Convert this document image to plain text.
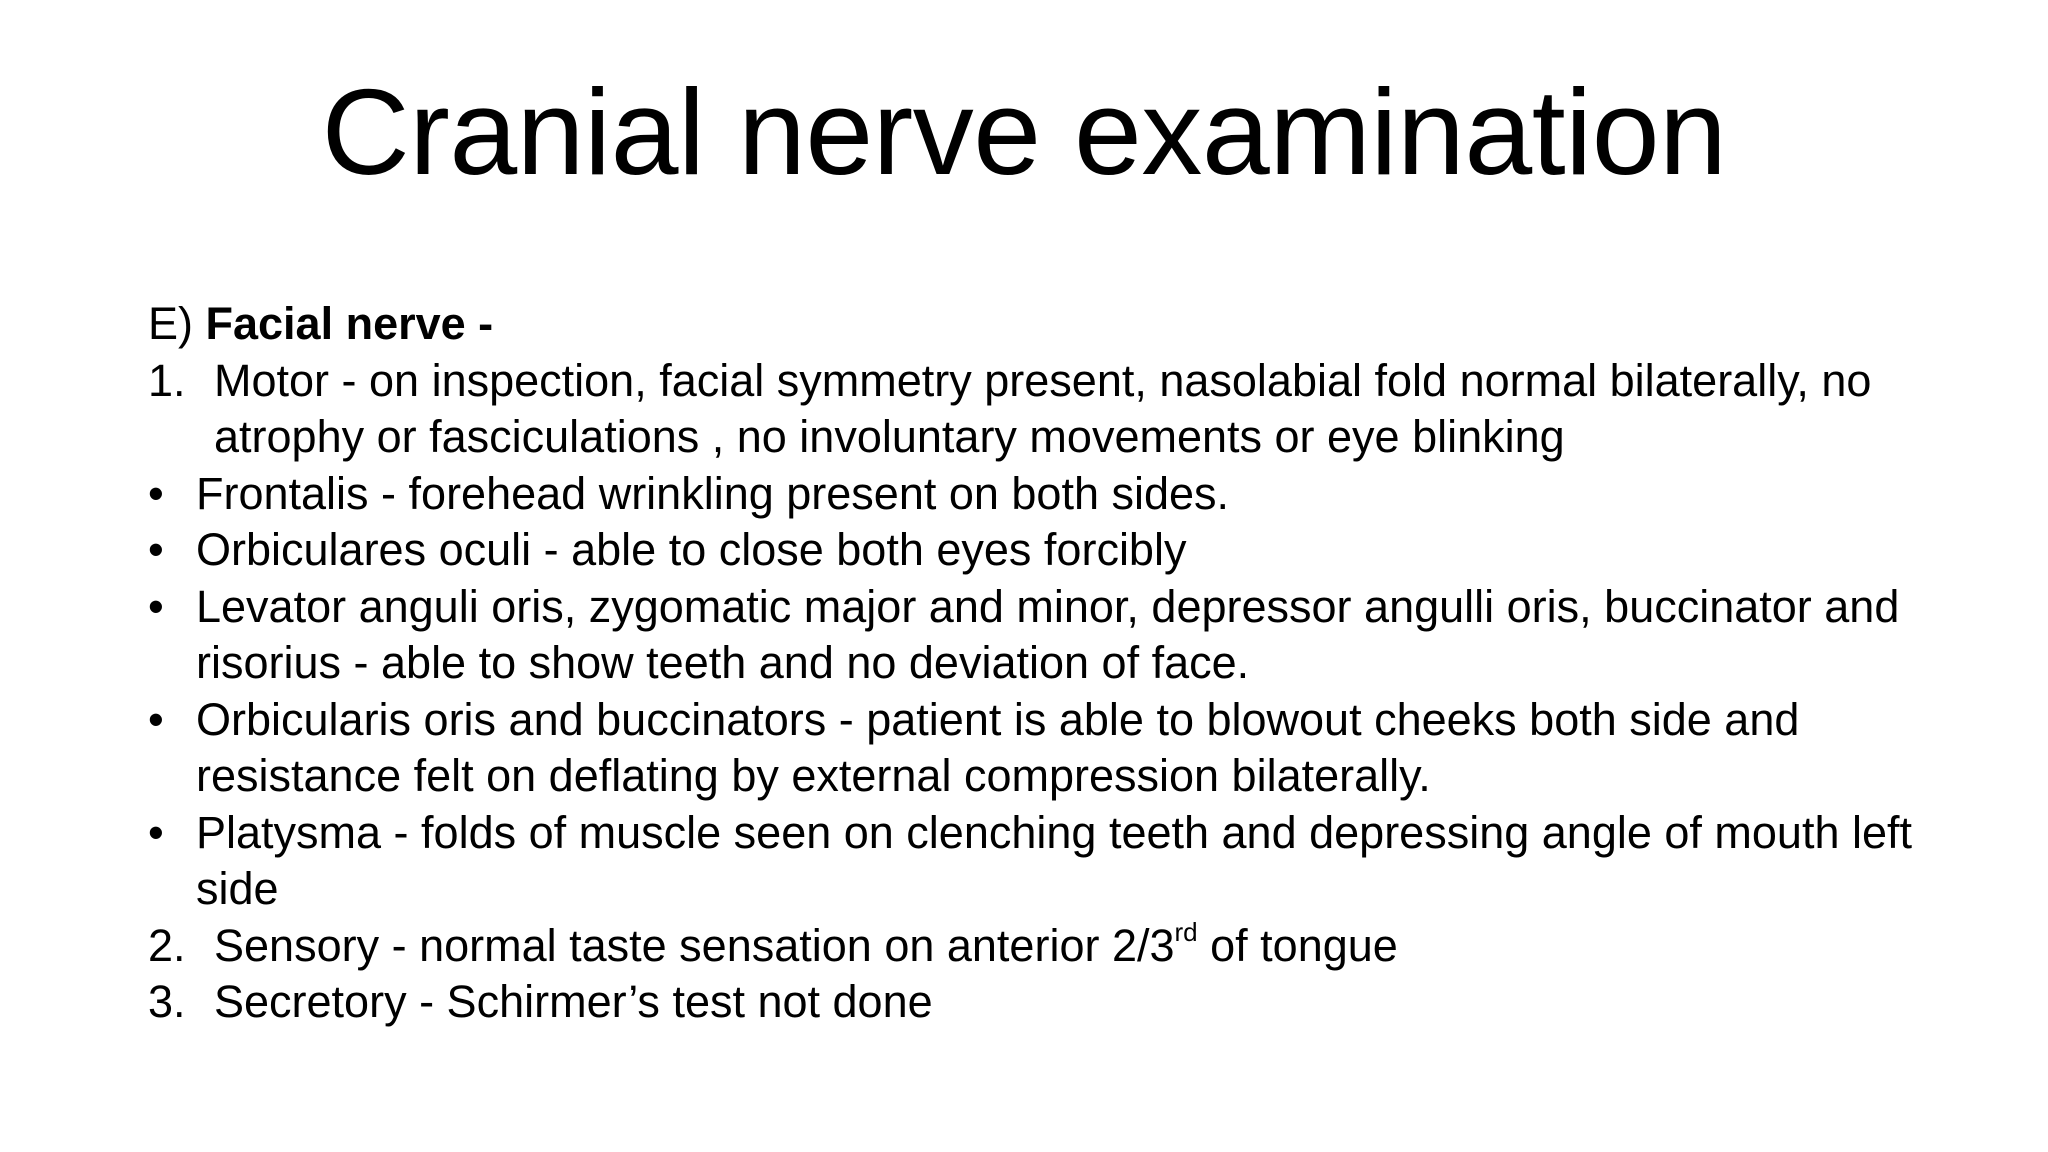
Cranial nerve examination
E) Facial nerve -
1. Motor - on inspection, facial symmetry present, nasolabial fold normal bilaterally, no atrophy or fasciculations , no involuntary movements or eye blinking
• Frontalis - forehead wrinkling present on both sides.
• Orbiculares oculi - able to close both eyes forcibly
• Levator anguli oris, zygomatic major and minor, depressor angulli oris, buccinator and risorius - able to show teeth and no deviation of face.
• Orbicularis oris and buccinators - patient is able to blowout cheeks both side and resistance felt on deflating by external compression bilaterally.
• Platysma - folds of muscle seen on clenching teeth and depressing angle of mouth left side
2. Sensory - normal taste sensation on anterior 2/3rd of tongue
3. Secretory - Schirmer’s test not done
